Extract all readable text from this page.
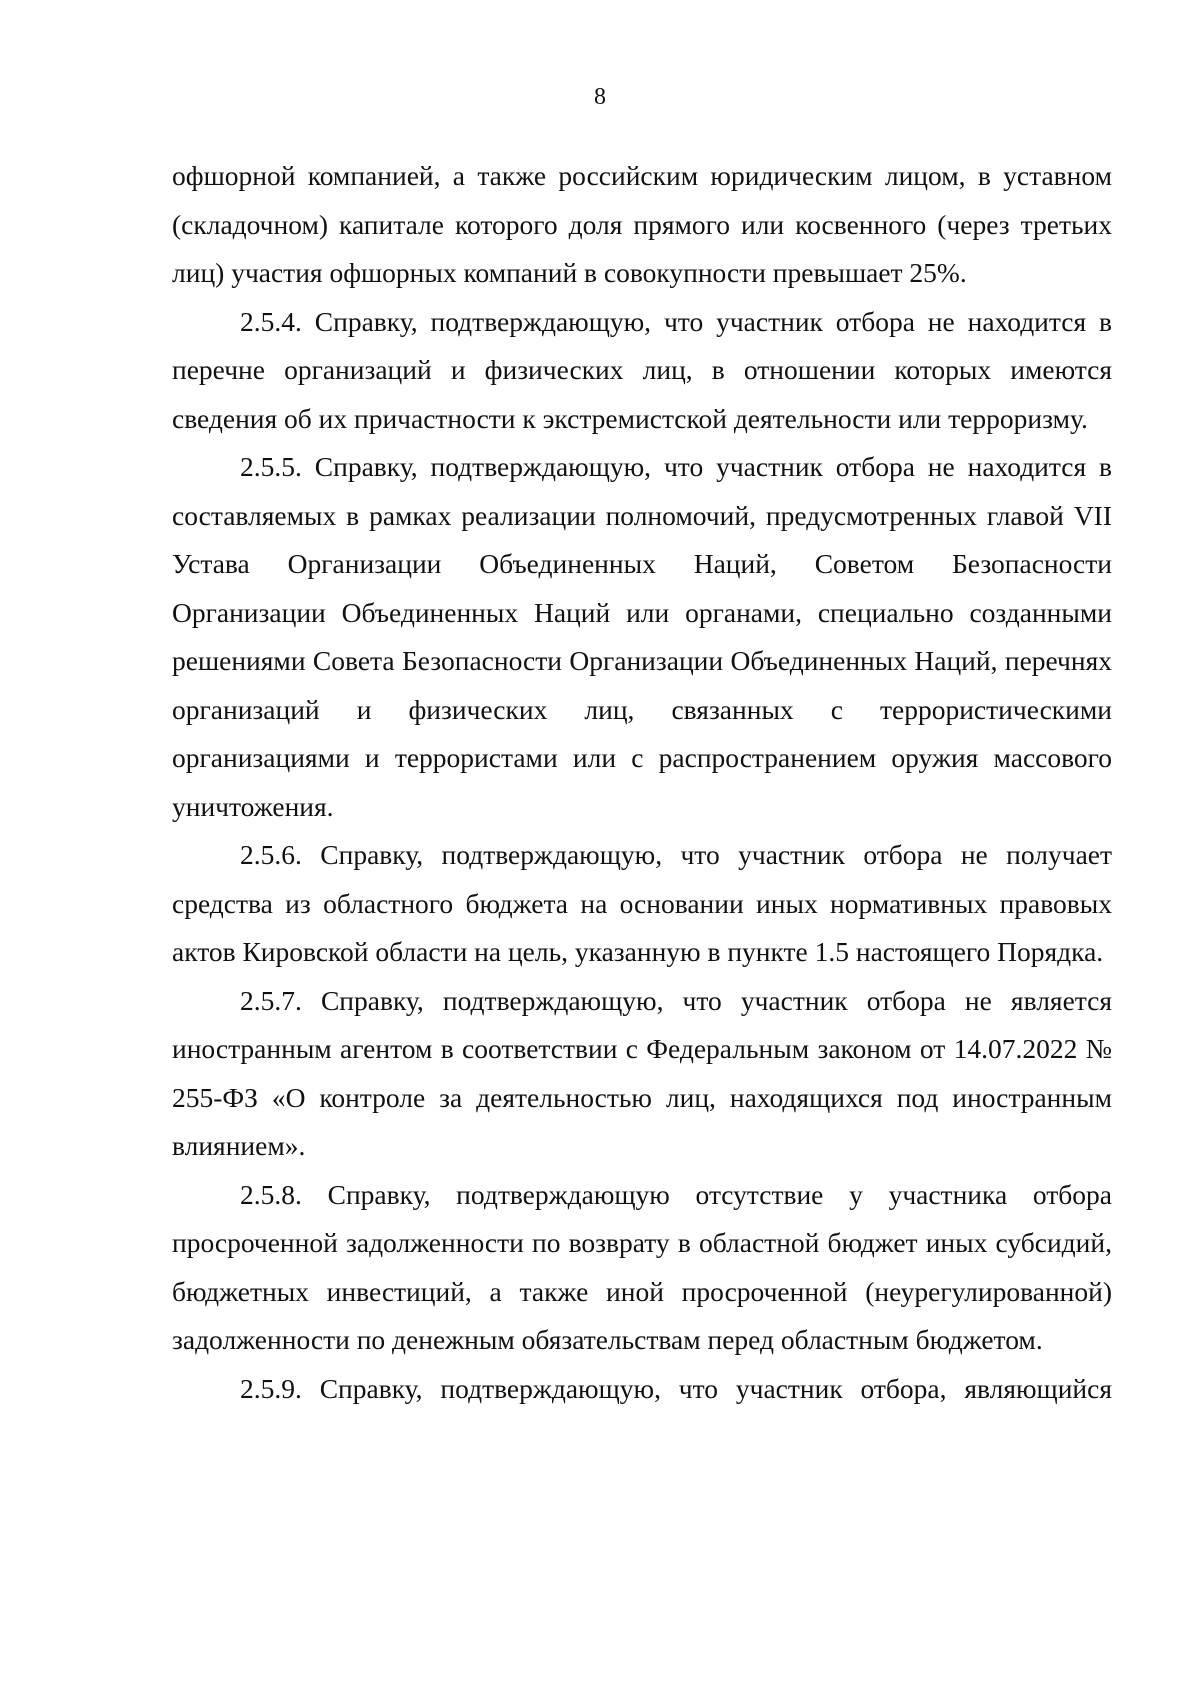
8

офшорной компанией, а также российским юридическим лицом, в уставном (складочном) капитале которого доля прямого или косвенного (через третьих лиц) участия офшорных компаний в совокупности превышает 25%.

2.5.4. Справку, подтверждающую, что участник отбора не находится в перечне организаций и физических лиц, в отношении которых имеются сведения об их причастности к экстремистской деятельности или терроризму.

2.5.5. Справку, подтверждающую, что участник отбора не находится в составляемых в рамках реализации полномочий, предусмотренных главой VII Устава Организации Объединенных Наций, Советом Безопасности Организации Объединенных Наций или органами, специально созданными решениями Совета Безопасности Организации Объединенных Наций, перечнях организаций и физических лиц, связанных с террористическими организациями и террористами или с распространением оружия массового уничтожения.

2.5.6. Справку, подтверждающую, что участник отбора не получает средства из областного бюджета на основании иных нормативных правовых актов Кировской области на цель, указанную в пункте 1.5 настоящего Порядка.

2.5.7. Справку, подтверждающую, что участник отбора не является иностранным агентом в соответствии с Федеральным законом от 14.07.2022 № 255-ФЗ «О контроле за деятельностью лиц, находящихся под иностранным влиянием».

2.5.8. Справку, подтверждающую отсутствие у участника отбора просроченной задолженности по возврату в областной бюджет иных субсидий, бюджетных инвестиций, а также иной просроченной (неурегулированной) задолженности по денежным обязательствам перед областным бюджетом.

2.5.9. Справку, подтверждающую, что участник отбора, являющийся
